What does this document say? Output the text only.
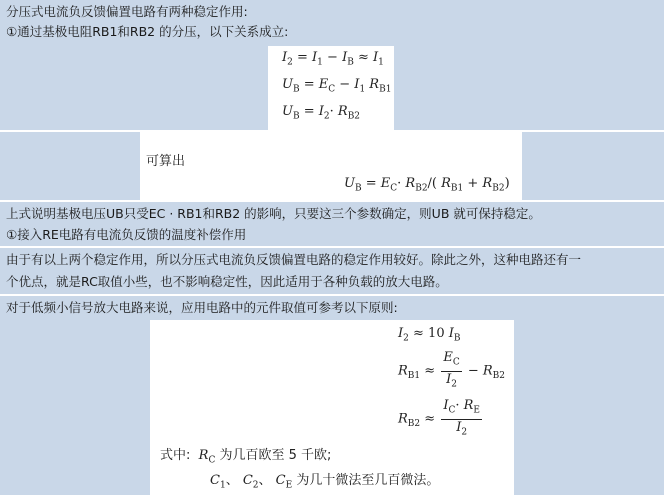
分压式电流负反馈偏置电路有两种稳定作用:
①通过基极电阻RB1和RB2 的分压，以下关系成立:
$I_2 = I_1 - I_B \approx I_1$
$U_B = E_C - I_1$ $R_{B1}$
$U_B = I_2\cdot R_{B2}$
可算出
$U_B = E_C\cdot R_{B2}/$( $R_{B1} + R_{B2}$)
上式说明基极电压UB只受EC · RB1和RB2 的影响，只要这三个参数确定，则UB 就可保持稳定。
①接入RE电路有电流负反馈的温度补偿作用
由于有以上两个稳定作用，所以分压式电流负反馈偏置电路的稳定作用较好。除此之外，这种电路还有一
个优点，就是RC取值小些，也不影响稳定性，因此适用于各种负载的放大电路。
对于低频小信号放大电路来说，应用电路中的元件取值可参考以下原则:
$I_2 \approx 10$ $I_B$
$R_{B1} \approx \frac{E_C}{I_2} - R_{B2}$
$R_{B2} \approx \frac{I_C\cdot R_E}{I_2}$
式中:  $R_C$ 为几百欧至 5 千欧;
$C_1$、 $C_2$、 $C_E$ 为几十微法至几百微法。
